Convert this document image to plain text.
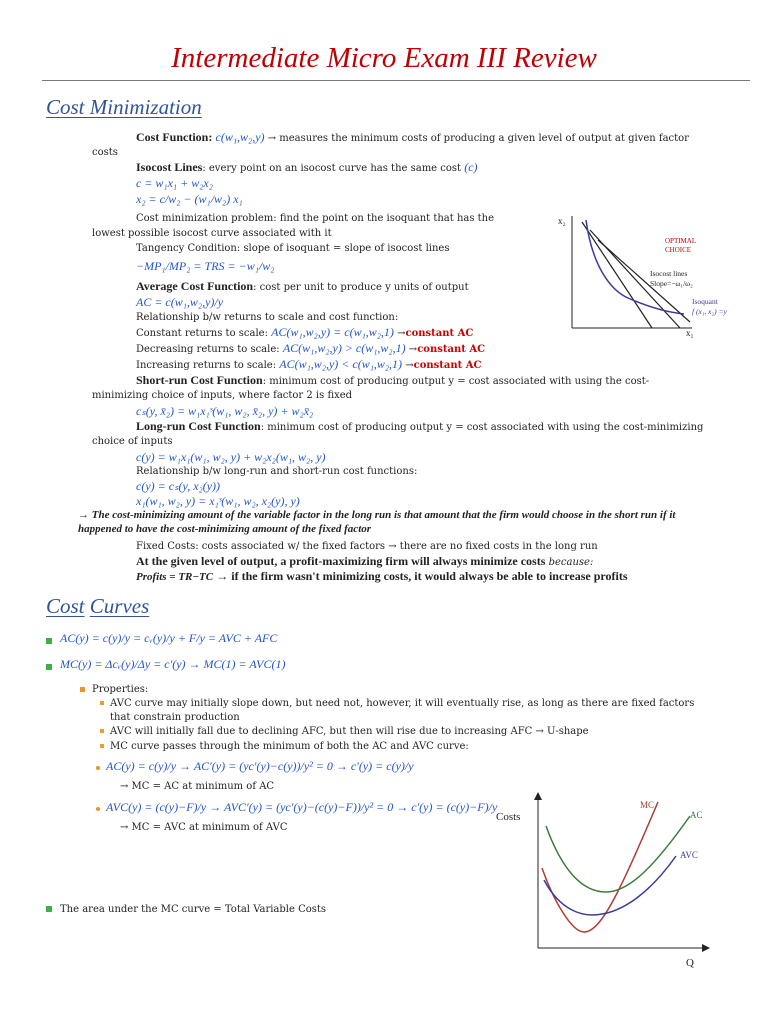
Intermediate Micro Exam III Review
Cost Minimization
Cost Function: c(w₁,w₂,y) → measures the minimum costs of producing a given level of output at given factor
costs
Isocost Lines: every point on an isocost curve has the same cost (c)
c = w₁x₁ + w₂x₂
x₂ = c/w₂ − (w₁/w₂) x₁
Cost minimization problem: find the point on the isoquant that has the
lowest possible isocost curve associated with it
Tangency Condition: slope of isoquant = slope of isocost lines
−MP₁/MP₂ = TRS = −w₁/w₂
Average Cost Function: cost per unit to produce y units of output
AC = c(w₁,w₂,y)/y
Relationship b/w returns to scale and cost function:
Constant returns to scale: AC(w₁,w₂,y) = c(w₁,w₂,1) →constant AC
Decreasing returns to scale: AC(w₁,w₂,y) > c(w₁,w₂,1) →constant AC
Increasing returns to scale: AC(w₁,w₂,y) < c(w₁,w₂,1) →constant AC
Short-run Cost Function: minimum cost of producing output y = cost associated with using the cost-
minimizing choice of inputs, where factor 2 is fixed
cₛ(y, x̄₂) = w₁x₁ˢ(w₁, w₂, x̄₂, y) + w₂x̄₂
Long-run Cost Function: minimum cost of producing output y = cost associated with using the cost-minimizing
choice of inputs
c(y) = w₁x₁(w₁, w₂, y) + w₂x₂(w₁, w₂, y)
Relationship b/w long-run and short-run cost functions:
c(y) = cₛ(y, x₂(y))
x₁(w₁, w₂, y) = x₁ˢ(w₁, w₂, x₂(y), y)
→ The cost-minimizing amount of the variable factor in the long run is that amount that the firm would choose in the short run if it
happened to have the cost-minimizing amount of the fixed factor
Fixed Costs: costs associated w/ the fixed factors → there are no fixed costs in the long run
At the given level of output, a profit-maximizing firm will always minimize costs because:
Profits = TR−TC → if the firm wasn't minimizing costs, it would always be able to increase profits
x₂
x₁
OPTIMAL
CHOICE
Isocost lines
Slope=−ω₁/ω₂
Isoquant
f (x₁, x₂) =y
Cost Curves
AC(y) = c(y)/y = cᵥ(y)/y + F/y = AVC + AFC
MC(y) = Δcᵥ(y)/Δy = c′(y) → MC(1) = AVC(1)
Properties:
AVC curve may initially slope down, but need not, however, it will eventually rise, as long as there are fixed factors
that constrain production
AVC will initially fall due to declining AFC, but then will rise due to increasing AFC → U-shape
MC curve passes through the minimum of both the AC and AVC curve:
AC(y) = c(y)/y → AC′(y) = (yc′(y)−c(y))/y² = 0 → c′(y) = c(y)/y
→ MC = AC at minimum of AC
AVC(y) = (c(y)−F)/y → AVC′(y) = (yc′(y)−(c(y)−F))/y² = 0 → c′(y) = (c(y)−F)/y
→ MC = AVC at minimum of AVC
The area under the MC curve = Total Variable Costs
Costs
Q
MC
AC
AVC
